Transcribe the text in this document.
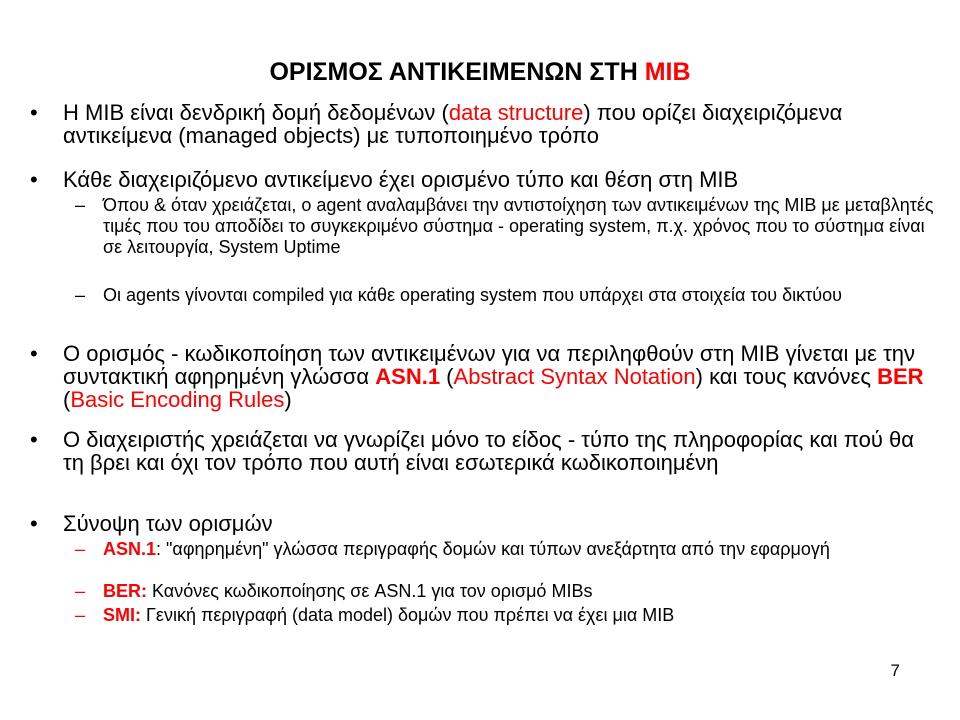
ΟΡΙΣΜΟΣ ΑΝΤΙΚΕΙΜΕΝΩΝ ΣΤΗ MIB
•	Η MIB είναι δενδρική δομή δεδομένων (data structure) που ορίζει διαχειριζόμενα αντικείμενα (managed objects) με τυποποιημένο τρόπο
•	Κάθε διαχειριζόμενο αντικείμενο έχει ορισμένο τύπο και θέση στη MIB
– Όπου & όταν χρειάζεται, ο agent αναλαμβάνει την αντιστοίχηση των αντικειμένων της MIB με μεταβλητές τιμές που του αποδίδει το συγκεκριμένο σύστημα - operating system, π.χ. χρόνος που το σύστημα είναι σε λειτουργία, System Uptime
– Οι agents γίνονται compiled για κάθε operating system που υπάρχει στα στοιχεία του δικτύου
•	Ο ορισμός - κωδικοποίηση των αντικειμένων για να περιληφθούν στη MIB γίνεται με την συντακτική αφηρημένη γλώσσα ASN.1 (Abstract Syntax Notation) και τους κανόνες BER (Basic Encoding Rules)
•	Ο διαχειριστής χρειάζεται να γνωρίζει μόνο το είδος - τύπο της πληροφορίας και πού θα τη βρει και όχι τον τρόπο που αυτή είναι εσωτερικά κωδικοποιημένη
•	Σύνοψη των ορισμών
– ASN.1: "αφηρημένη" γλώσσα περιγραφής δομών και τύπων ανεξάρτητα από την εφαρμογή
– BER: Κανόνες κωδικοποίησης σε ASN.1 για τον ορισμό MIBs
– SMI: Γενική περιγραφή (data model) δομών που πρέπει να έχει μια MIB
7
